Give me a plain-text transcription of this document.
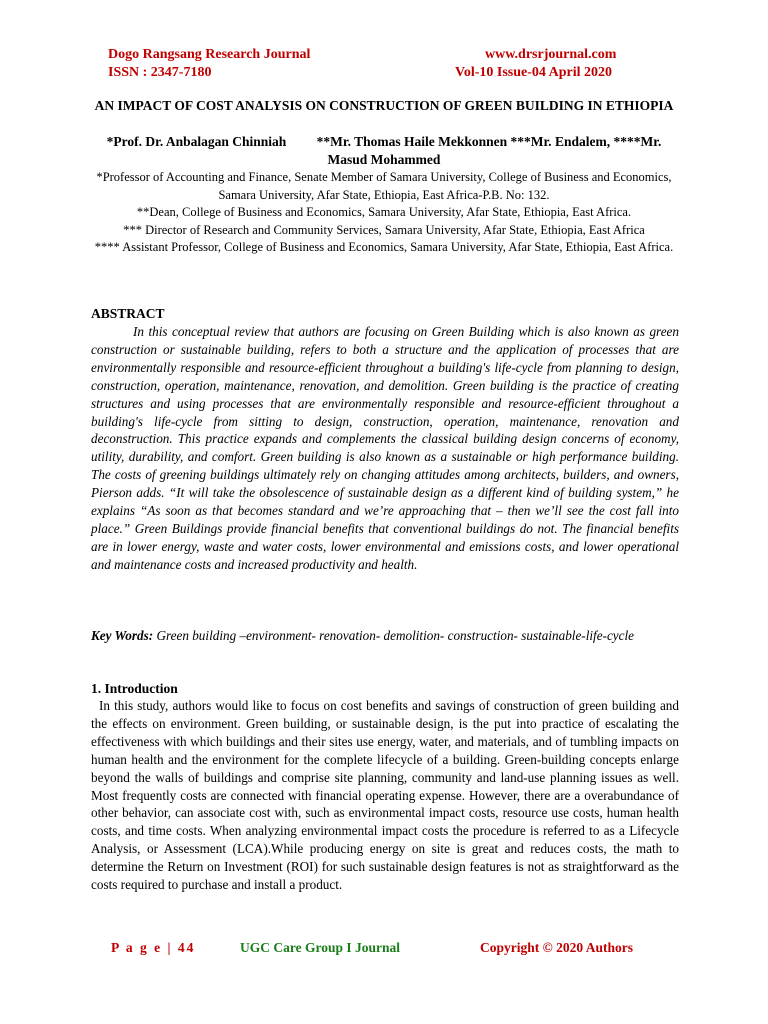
Dogo Rangsang Research Journal
ISSN : 2347-7180
www.drsrjournal.com
Vol-10 Issue-04 April 2020
AN IMPACT OF COST ANALYSIS ON CONSTRUCTION OF GREEN BUILDING IN ETHIOPIA
*Prof. Dr. Anbalagan Chinniah         **Mr. Thomas Haile Mekkonnen ***Mr. Endalem, ****Mr. Masud Mohammed

*Professor of Accounting and Finance, Senate Member of Samara University, College of Business and Economics, Samara University, Afar State, Ethiopia, East Africa-P.B. No: 132.

**Dean, College of Business and Economics, Samara University, Afar State, Ethiopia, East Africa.

*** Director of Research and Community Services, Samara University, Afar State, Ethiopia, East Africa

**** Assistant Professor, College of Business and Economics, Samara University, Afar State, Ethiopia, East Africa.

ABSTRACT

In this conceptual review that authors are focusing on Green Building which is also known as green construction or sustainable building, refers to both a structure and the application of processes that are environmentally responsible and resource-efficient throughout a building's life-cycle from planning to design, construction, operation, maintenance, renovation, and demolition. Green building is the practice of creating structures and using processes that are environmentally responsible and resource-efficient throughout a building's life-cycle from sitting to design, construction, operation, maintenance, renovation and deconstruction. This practice expands and complements the classical building design concerns of economy, utility, durability, and comfort. Green building is also known as a sustainable or high performance building. The costs of greening buildings ultimately rely on changing attitudes among architects, builders, and owners, Pierson adds. “It will take the obsolescence of sustainable design as a different kind of building system,” he explains “As soon as that becomes standard and we’re approaching that – then we’ll see the cost fall into place.” Green Buildings provide financial benefits that conventional buildings do not. The financial benefits are in lower energy, waste and water costs, lower environmental and emissions costs, and lower operational and maintenance costs and increased productivity and health.

Key Words: Green building –environment- renovation- demolition- construction- sustainable-life-cycle

1. Introduction

In this study, authors would like to focus on cost benefits and savings of construction of green building and the effects on environment. Green building, or sustainable design, is the put into practice of escalating the effectiveness with which buildings and their sites use energy, water, and materials, and of tumbling impacts on human health and the environment for the complete lifecycle of a building. Green-building concepts enlarge beyond the walls of buildings and comprise site planning, community and land-use planning issues as well. Most frequently costs are connected with financial operating expense. However, there are a overabundance of other behavior, can associate cost with, such as environmental impact costs, resource use costs, human health costs, and time costs. When analyzing environmental impact costs the procedure is referred to as a Lifecycle Analysis, or Assessment (LCA).While producing energy on site is great and reduces costs, the math to determine the Return on Investment (ROI) for such sustainable design features is not as straightforward as the costs required to purchase and install a product.

P a g e | 44	UGC Care Group I Journal	Copyright © 2020 Authors
